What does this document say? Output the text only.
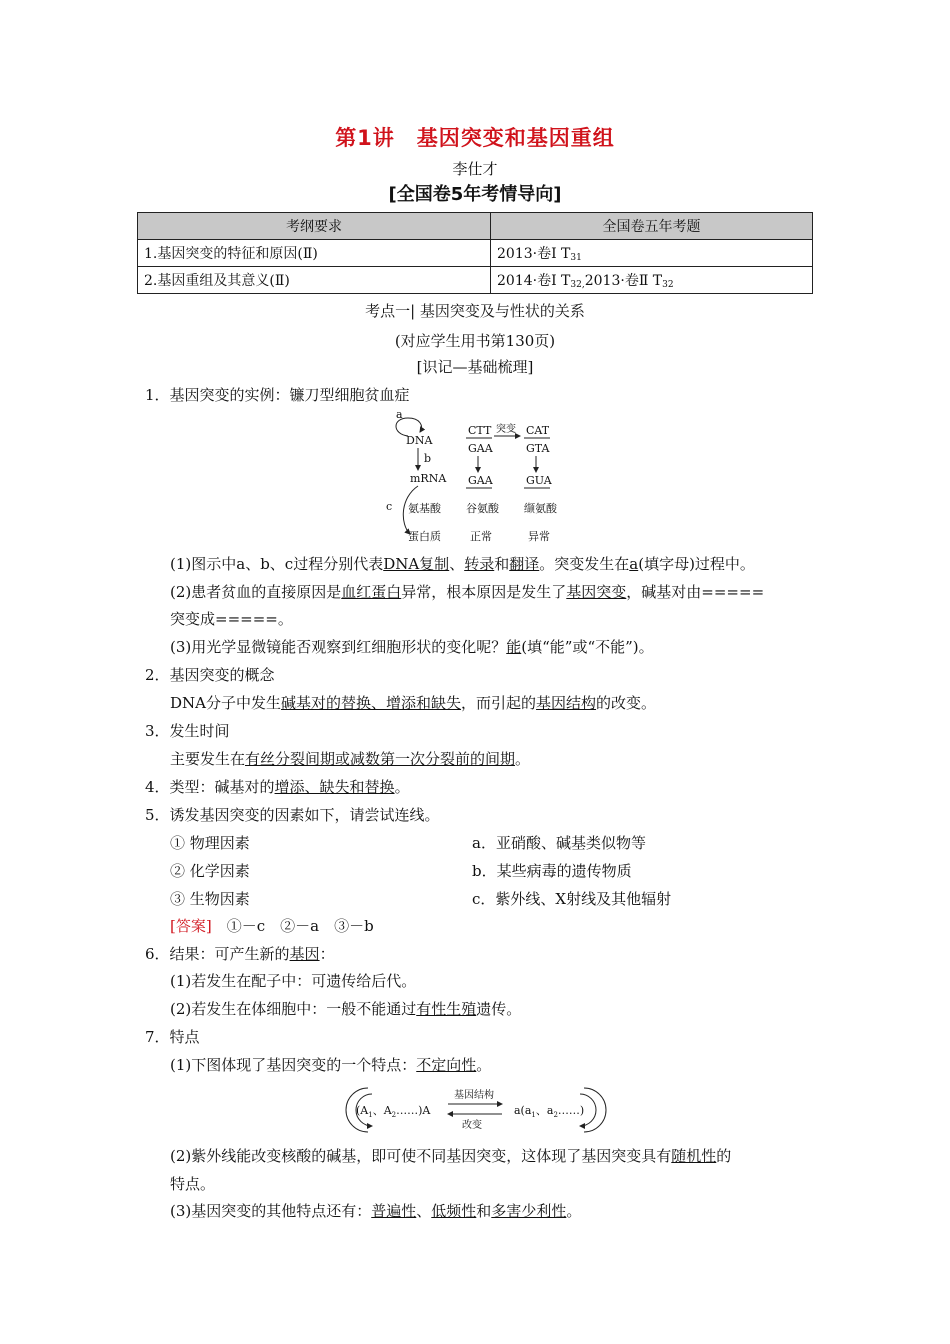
第1讲　基因突变和基因重组
李仕才
[全国卷5年考情导向]
考纲要求	全国卷五年考题
1.基因突变的特征和原因(Ⅱ)	2013·卷Ⅰ $T_{31}$
2.基因重组及其意义(Ⅱ)	2014·卷Ⅰ $T_{32,}2013\cdot$卷Ⅱ $T_{32}$
考点一| 基因突变及与性状的关系
(对应学生用书第130页)
[识记—基础梳理]
1．基因突变的实例：镰刀型细胞贫血症
a
DNA
b
mRNA
c 氨基酸
蛋白质
CTT
GAA
突变 CAT
GTA
GAA	GUA
谷氨酸 缬氨酸
正常	异常
(1)图示中a、b、c过程分别代表DNA复制、转录和翻译。突变发生在a(填字母)过程中。
(2)患者贫血的直接原因是血红蛋白异常，根本原因是发生了基因突变，碱基对由=====
突变成=====。
(3)用光学显微镜能否观察到红细胞形状的变化呢？能(填“能”或“不能”)。
2．基因突变的概念
DNA分子中发生碱基对的替换、增添和缺失，而引起的基因结构的改变。
3．发生时间
主要发生在有丝分裂间期或减数第一次分裂前的间期。
4．类型：碱基对的增添、缺失和替换。
5．诱发基因突变的因素如下，请尝试连线。
① 物理因素	a．亚硝酸、碱基类似物等
② 化学因素	b．某些病毒的遗传物质
③ 生物因素	c．紫外线、X射线及其他辐射
[答案]　 ①－c　②－a　③－b
6．结果：可产生新的基因：
(1)若发生在配子中：可遗传给后代。
(2)若发生在体细胞中：一般不能通过有性生殖遗传。
7．特点
(1)下图体现了基因突变的一个特点：不定向性。
($A_1$、$A_2\dots\dots)A$
基因结构
改变
$a(a_1$、$a_2\dots\dots$)
(2)紫外线能改变核酸的碱基，即可使不同基因突变，这体现了基因突变具有随机性的
特点。
(3)基因突变的其他特点还有：普遍性、低频性和多害少利性。
